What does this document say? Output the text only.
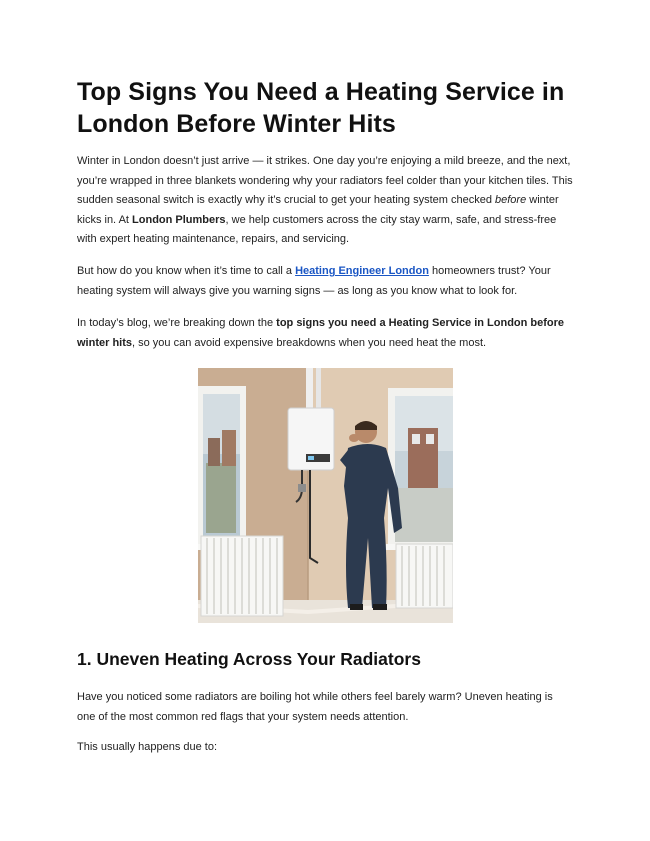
Top Signs You Need a Heating Service in London Before Winter Hits

Winter in London doesn’t just arrive — it strikes. One day you’re enjoying a mild breeze, and the next, you’re wrapped in three blankets wondering why your radiators feel colder than your kitchen tiles. This sudden seasonal switch is exactly why it’s crucial to get your heating system checked before winter kicks in. At London Plumbers, we help customers across the city stay warm, safe, and stress-free with expert heating maintenance, repairs, and servicing.

But how do you know when it’s time to call a Heating Engineer London homeowners trust? Your heating system will always give you warning signs — as long as you know what to look for.

In today’s blog, we’re breaking down the top signs you need a Heating Service in London before winter hits, so you can avoid expensive breakdowns when you need heat the most.

1. Uneven Heating Across Your Radiators

Have you noticed some radiators are boiling hot while others feel barely warm? Uneven heating is one of the most common red flags that your system needs attention.

This usually happens due to:
